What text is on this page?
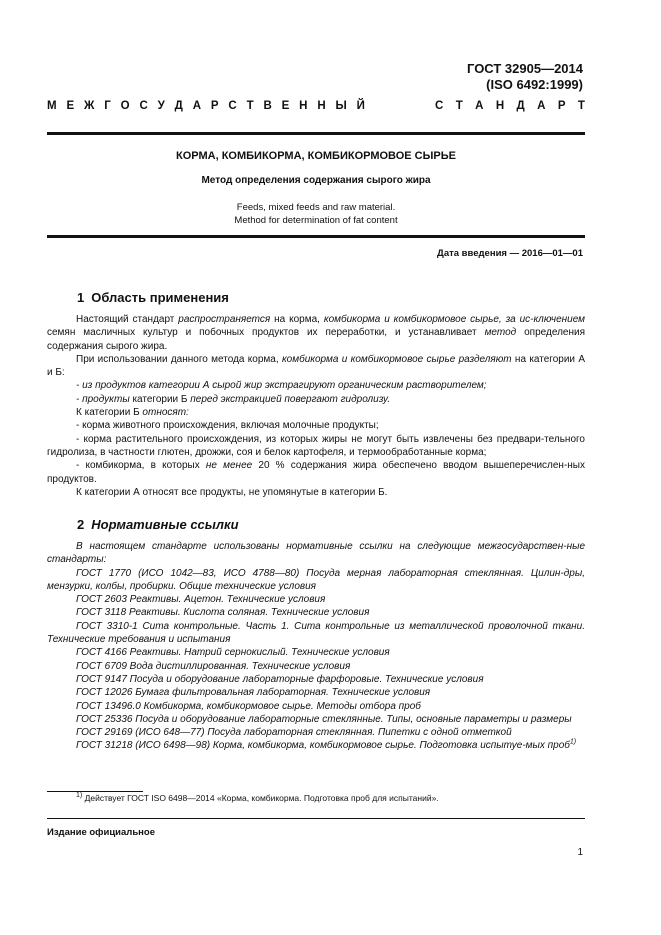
ГОСТ 32905—2014
(ISO 6492:1999)
М Е Ж Г О С У Д А Р С Т В Е Н Н Ы Й	С Т А Н Д А Р Т
КОРМА, КОМБИКОРМА, КОМБИКОРМОВОЕ СЫРЬЕ
Метод определения содержания сырого жира
Feeds, mixed feeds and raw material.
Method for determination of fat content
Дата введения — 2016—01—01
1 Область применения

Настоящий стандарт распространяется на корма, комбикорма и комбикормовое сырье, за ис-ключением семян масличных культур и побочных продуктов их переработки, и устанавливает метод определения содержания сырого жира.

При использовании данного метода корма, комбикорма и комбикормовое сырье разделяют на категории А и Б:

- из продуктов категории А сырой жир экстрагируют органическим растворителем;

- продукты категории Б перед экстракцией повергают гидролизу.

К категории Б относят:

- корма животного происхождения, включая молочные продукты;

- корма растительного происхождения, из которых жиры не могут быть извлечены без предвари-тельного гидролиза, в частности глютен, дрожжи, соя и белок картофеля, и термообработанные корма;

- комбикорма, в которых не менее 20 % содержания жира обеспечено вводом вышеперечислен-ных продуктов.

К категории А относят все продукты, не упомянутые в категории Б.

2 Нормативные ссылки

В настоящем стандарте использованы нормативные ссылки на следующие межгосударствен-ные стандарты:

ГОСТ 1770 (ИСО 1042—83, ИСО 4788—80) Посуда мерная лабораторная стеклянная. Цилин-дры, мензурки, колбы, пробирки. Общие технические условия

ГОСТ 2603 Реактивы. Ацетон. Технические условия

ГОСТ 3118 Реактивы. Кислота соляная. Технические условия

ГОСТ 3310-1 Сита контрольные. Часть 1. Сита контрольные из металлической проволочной ткани. Технические требования и испытания

ГОСТ 4166 Реактивы. Натрий сернокислый. Технические условия

ГОСТ 6709 Вода дистиллированная. Технические условия

ГОСТ 9147 Посуда и оборудование лабораторные фарфоровые. Технические условия

ГОСТ 12026 Бумага фильтровальная лабораторная. Технические условия

ГОСТ 13496.0 Комбикорма, комбикормовое сырье. Методы отбора проб

ГОСТ 25336 Посуда и оборудование лабораторные стеклянные. Типы, основные параметры и размеры

ГОСТ 29169 (ИСО 648—77) Посуда лабораторная стеклянная. Пипетки с одной отметкой

ГОСТ 31218 (ИСО 6498—98) Корма, комбикорма, комбикормовое сырье. Подготовка испытуе-мых проб$^{1)}$

$^{1)}$ Действует ГОСТ ISO 6498—2014 «Корма, комбикорма. Подготовка проб для испытаний».
Издание официальное
1
